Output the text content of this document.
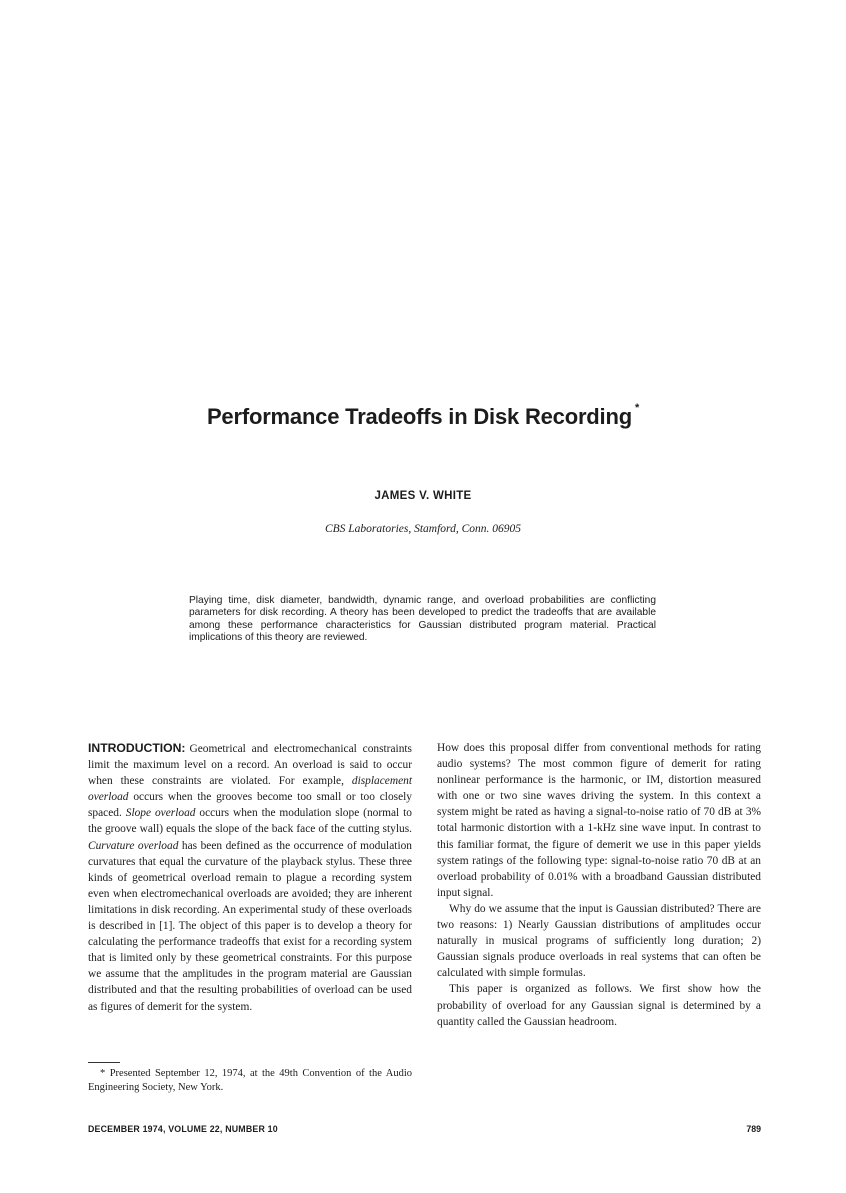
Performance Tradeoffs in Disk Recording *
JAMES V. WHITE
CBS Laboratories, Stamford, Conn. 06905
Playing time, disk diameter, bandwidth, dynamic range, and overload probabilities are conflicting parameters for disk recording. A theory has been developed to predict the tradeoffs that are available among these performance characteristics for Gaussian distributed program material. Practical implications of this theory are reviewed.

INTRODUCTION: Geometrical and electromechanical constraints limit the maximum level on a record. An overload is said to occur when these constraints are violated. For example, displacement overload occurs when the grooves become too small or too closely spaced. Slope overload occurs when the modulation slope (normal to the groove wall) equals the slope of the back face of the cutting stylus. Curvature overload has been defined as the occurrence of modulation curvatures that equal the curvature of the playback stylus. These three kinds of geometrical overload remain to plague a recording system even when electromechanical overloads are avoided; they are inherent limitations in disk recording. An experimental study of these overloads is described in [1]. The object of this paper is to develop a theory for calculating the performance tradeoffs that exist for a recording system that is limited only by these geometrical constraints. For this purpose we assume that the amplitudes in the program material are Gaussian distributed and that the resulting probabilities of overload can be used as figures of demerit for the system.

How does this proposal differ from conventional methods for rating audio systems? The most common figure of demerit for rating nonlinear performance is the harmonic, or IM, distortion measured with one or two sine waves driving the system. In this context a system might be rated as having a signal-to-noise ratio of 70 dB at 3% total harmonic distortion with a 1-kHz sine wave input. In contrast to this familiar format, the figure of demerit we use in this paper yields system ratings of the following type: signal-to-noise ratio 70 dB at an overload probability of 0.01% with a broadband Gaussian distributed input signal.

Why do we assume that the input is Gaussian distributed? There are two reasons: 1) Nearly Gaussian distributions of amplitudes occur naturally in musical programs of sufficiently long duration; 2) Gaussian signals produce overloads in real systems that can often be calculated with simple formulas.

This paper is organized as follows. We first show how the probability of overload for any Gaussian signal is determined by a quantity called the Gaussian headroom.

* Presented September 12, 1974, at the 49th Convention of the Audio Engineering Society, New York.
DECEMBER 1974, VOLUME 22, NUMBER 10	789
